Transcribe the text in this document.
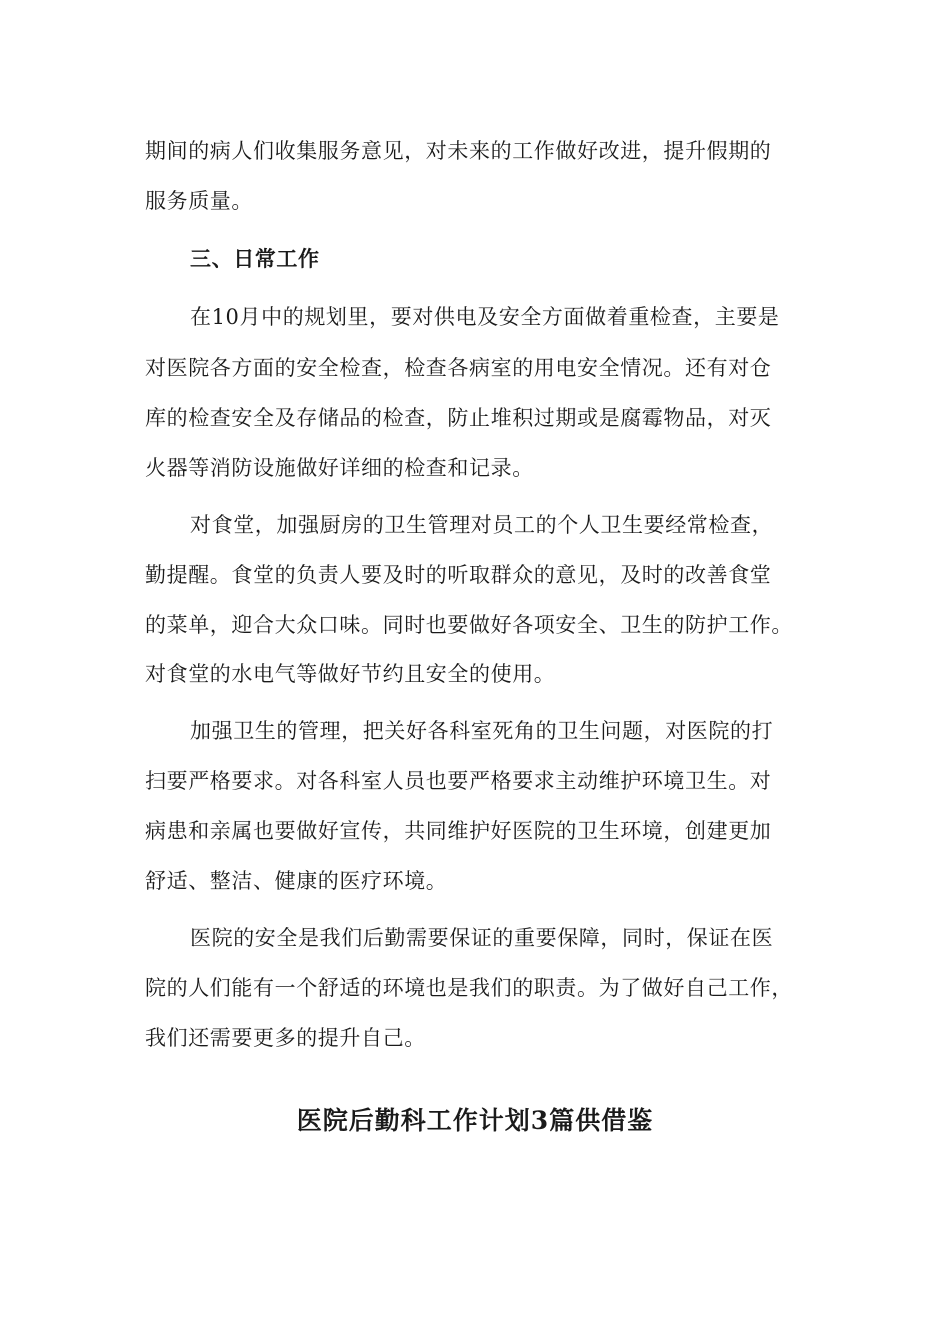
期间的病人们收集服务意见，对未来的工作做好改进，提升假期的
服务质量。
三、日常工作
在10月中的规划里，要对供电及安全方面做着重检查，主要是
对医院各方面的安全检查，检查各病室的用电安全情况。还有对仓
库的检查安全及存储品的检查，防止堆积过期或是腐霉物品，对灭
火器等消防设施做好详细的检查和记录。
对食堂，加强厨房的卫生管理对员工的个人卫生要经常检查，
勤提醒。食堂的负责人要及时的听取群众的意见，及时的改善食堂
的菜单，迎合大众口味。同时也要做好各项安全、卫生的防护工作。
对食堂的水电气等做好节约且安全的使用。
加强卫生的管理，把关好各科室死角的卫生问题，对医院的打
扫要严格要求。对各科室人员也要严格要求主动维护环境卫生。对
病患和亲属也要做好宣传，共同维护好医院的卫生环境，创建更加
舒适、整洁、健康的医疗环境。
医院的安全是我们后勤需要保证的重要保障，同时，保证在医
院的人们能有一个舒适的环境也是我们的职责。为了做好自己工作，
我们还需要更多的提升自己。
医院后勤科工作计划3篇供借鉴
